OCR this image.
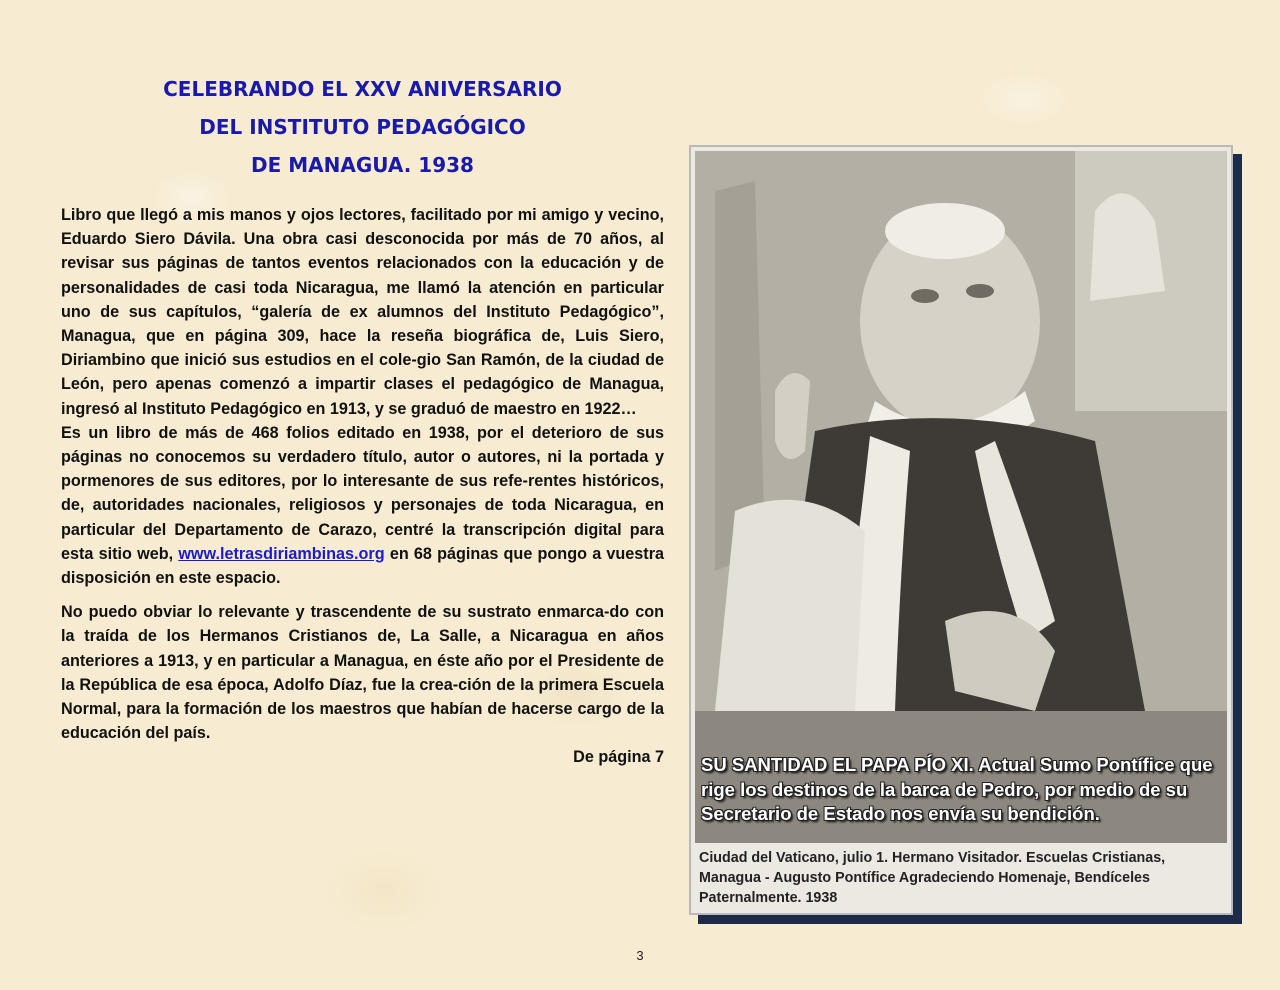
CELEBRANDO EL XXV ANIVERSARIO
DEL INSTITUTO PEDAGÓGICO
DE MANAGUA. 1938

Libro que llegó a mis manos y ojos lectores, facilitado por mi amigo y vecino, Eduardo Siero Dávila. Una obra casi desconocida por más de 70 años, al revisar sus páginas de tantos eventos relacionados con la educación y de personalidades de casi toda Nicaragua, me llamó la atención en particular uno de sus capítulos, “galería de ex alumnos del Instituto Pedagógico”, Managua, que en página 309, hace la reseña biográfica de, Luis Siero, Diriambino que inició sus estudios en el cole-gio San Ramón, de la ciudad de León, pero apenas comenzó a impartir clases el pedagógico de Managua, ingresó al Instituto Pedagógico en 1913, y se graduó de maestro en 1922…

Es un libro de más de 468 folios editado en 1938, por el deterioro de sus páginas no conocemos su verdadero título, autor o autores, ni la portada y pormenores de sus editores, por lo interesante de sus refe-rentes históricos, de, autoridades nacionales, religiosos y personajes de toda Nicaragua, en particular del Departamento de Carazo, centré la transcripción digital para esta sitio web, www.letrasdiriambinas.org en 68 páginas que pongo a vuestra disposición en este espacio.

No puedo obviar lo relevante y trascendente de su sustrato enmarca-do con la traída de los Hermanos Cristianos de, La Salle, a Nicaragua en años anteriores a 1913, y en particular a Managua, en éste año por el Presidente de la República de esa época, Adolfo Díaz, fue la crea-ción de la primera Escuela Normal, para la formación de los maestros que habían de hacerse cargo de la educación del país.

De página 7 SU SANTIDAD EL PAPA PÍO XI. Actual Sumo Pontífice que rige los destinos de la barca de Pedro, por medio de su Secretario de Estado nos envía su bendición.
Ciudad del Vaticano, julio 1. Hermano Visitador. Escuelas Cristianas, Managua - Augusto Pontífice Agradeciendo Homenaje, Bendíceles Paternalmente. 1938
3
